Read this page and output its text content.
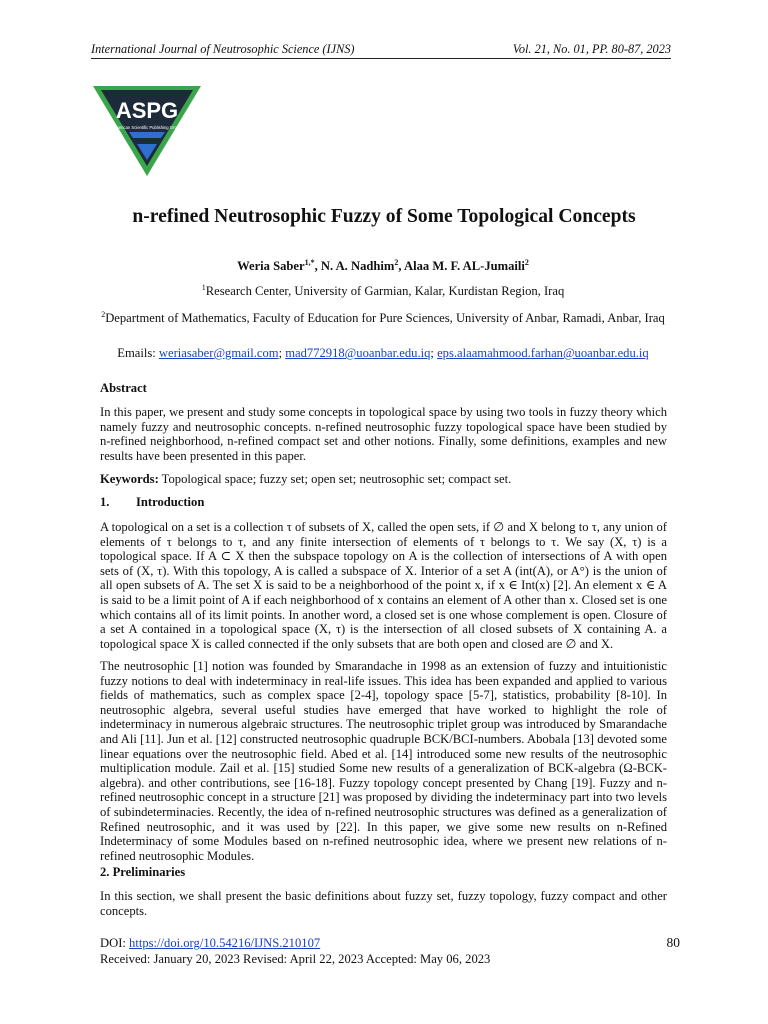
International Journal of Neutrosophic Science (IJNS)	Vol. 21, No. 01, PP. 80-87, 2023
ASPG
American Scientific Publishing Group
n-refined Neutrosophic Fuzzy of Some Topological Concepts
Weria Saber$^{1,*}$, N. A. Nadhim$^2$, Alaa M. F. AL-Jumaili$^2$
$^1$Research Center, University of Garmian, Kalar, Kurdistan Region, Iraq
$^2$Department of Mathematics, Faculty of Education for Pure Sciences, University of Anbar, Ramadi, Anbar, Iraq
Emails: weriasaber@gmail.com; mad772918@uoanbar.edu.iq; eps.alaamahmood.farhan@uoanbar.edu.iq
Abstract
In this paper, we present and study some concepts in topological space by using two tools in fuzzy theory which namely fuzzy and neutrosophic concepts. n-refined neutrosophic fuzzy topological space have been studied by n-refined neighborhood, n-refined compact set and other notions. Finally, some definitions, examples and new results have been presented in this paper.
Keywords: Topological space; fuzzy set; open set; neutrosophic set; compact set.
1. Introduction
A topological on a set is a collection τ of subsets of X, called the open sets, if ∅ and X belong to τ, any union of elements of τ belongs to τ, and any finite intersection of elements of τ belongs to τ. We say (X, τ) is a topological space. If A ⊂ X then the subspace topology on A is the collection of intersections of A with open sets of (X, τ). With this topology, A is called a subspace of X. Interior of a set A (int(A), or A°) is the union of all open subsets of A. The set X is said to be a neighborhood of the point x, if x ∈ Int(x) [2]. An element x ∈ A is said to be a limit point of A if each neighborhood of x contains an element of A other than x. Closed set is one which contains all of its limit points. In another word, a closed set is one whose complement is open. Closure of a set A contained in a topological space (X, τ) is the intersection of all closed subsets of X containing A. a topological space X is called connected if the only subsets that are both open and closed are ∅ and X.
The neutrosophic [1] notion was founded by Smarandache in 1998 as an extension of fuzzy and intuitionistic fuzzy notions to deal with indeterminacy in real-life issues. This idea has been expanded and applied to various fields of mathematics, such as complex space [2-4], topology space [5-7], statistics, probability [8-10]. In neutrosophic algebra, several useful studies have emerged that have worked to highlight the role of indeterminacy in numerous algebraic structures. The neutrosophic triplet group was introduced by Smarandache and Ali [11]. Jun et al. [12] constructed neutrosophic quadruple BCK/BCI-numbers. Abobala [13] devoted some linear equations over the neutrosophic field. Abed et al. [14] introduced some new results of the neutrosophic multiplication module. Zail et al. [15] studied Some new results of a generalization of BCK-algebra (Ω-BCK-algebra). and other contributions, see [16-18]. Fuzzy topology concept presented by Chang [19]. Fuzzy and n-refined neutrosophic concept in a structure [21] was proposed by dividing the indeterminacy part into two levels of subindeterminacies. Recently, the idea of n-refined neutrosophic structures was defined as a generalization of Refined neutrosophic, and it was used by [22]. In this paper, we give some new results on n-Refined Indeterminacy of some Modules based on n-refined neutrosophic idea, where we present new relations of n-refined neutrosophic Modules.
2. Preliminaries
In this section, we shall present the basic definitions about fuzzy set, fuzzy topology, fuzzy compact and other concepts.
DOI: https://doi.org/10.54216/IJNS.210107	80
Received: January 20, 2023 Revised: April 22, 2023 Accepted: May 06, 2023
